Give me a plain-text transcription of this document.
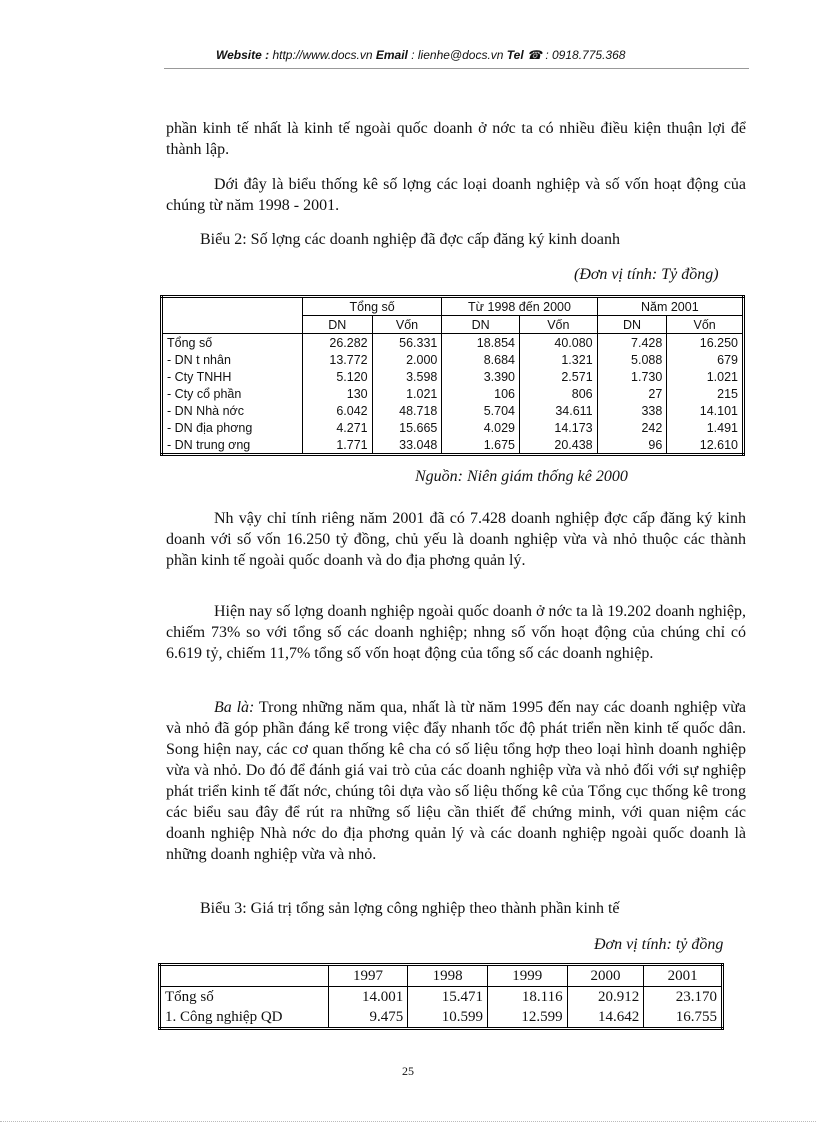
Website : http://www.docs.vn Email : lienhe@docs.vn Tel ☎ : 0918.775.368
phần kinh tế nhất là kinh tế ngoài quốc doanh ở nớc ta có nhiều điều kiện thuận lợi để thành lập.
Dới đây là biểu thống kê số lợng các loại doanh nghiệp và số vốn hoạt động của chúng từ năm 1998 - 2001.
Biểu 2: Số lợng các doanh nghiệp đã đợc cấp đăng ký kinh doanh
(Đơn vị tính: Tỷ đồng)
	Tổng số		Từ 1998 đến 2000		Năm 2001	
	DN	Vốn	DN	Vốn	DN	Vốn
Tổng số	26.282	56.331	18.854	40.080	7.428	16.250
- DN t nhân	13.772	2.000	8.684	1.321	5.088	679
- Cty TNHH	5.120	3.598	3.390	2.571	1.730	1.021
- Cty cổ phần	130	1.021	106	806	27	215
- DN Nhà nớc	6.042	48.718	5.704	34.611	338	14.101
- DN địa phơng	4.271	15.665	4.029	14.173	242	1.491
- DN trung ơng	1.771	33.048	1.675	20.438	96	12.610
Nguồn: Niên giám thống kê 2000
Nh vậy chỉ tính riêng năm 2001 đã có 7.428 doanh nghiệp đợc cấp đăng ký kinh doanh với số vốn 16.250 tỷ đồng, chủ yếu là doanh nghiệp vừa và nhỏ thuộc các thành phần kinh tế ngoài quốc doanh và do địa phơng quản lý.
Hiện nay số lợng doanh nghiệp ngoài quốc doanh ở nớc ta là 19.202 doanh nghiệp, chiếm 73% so với tổng số các doanh nghiệp; nhng số vốn hoạt động của chúng chỉ có 6.619 tỷ, chiếm 11,7% tổng số vốn hoạt động của tổng số các doanh nghiệp.
Ba là: Trong những năm qua, nhất là từ năm 1995 đến nay các doanh nghiệp vừa và nhỏ đã góp phần đáng kể trong việc đẩy nhanh tốc độ phát triển nền kinh tế quốc dân. Song hiện nay, các cơ quan thống kê cha có số liệu tổng hợp theo loại hình doanh nghiệp vừa và nhỏ. Do đó để đánh giá vai trò của các doanh nghiệp vừa và nhỏ đối với sự nghiệp phát triển kinh tế đất nớc, chúng tôi dựa vào số liệu thống kê của Tổng cục thống kê trong các biểu sau đây để rút ra những số liệu cần thiết để chứng minh, với quan niệm các doanh nghiệp Nhà nớc do địa phơng quản lý và các doanh nghiệp ngoài quốc doanh là những doanh nghiệp vừa và nhỏ.
Biểu 3: Giá trị tổng sản lợng công nghiệp theo thành phần kinh tế
Đơn vị tính: tỷ đồng
	1997	1998	1999	2000	2001
Tổng số	14.001	15.471	18.116	20.912	23.170
1. Công nghiệp QD	9.475	10.599	12.599	14.642	16.755
25
